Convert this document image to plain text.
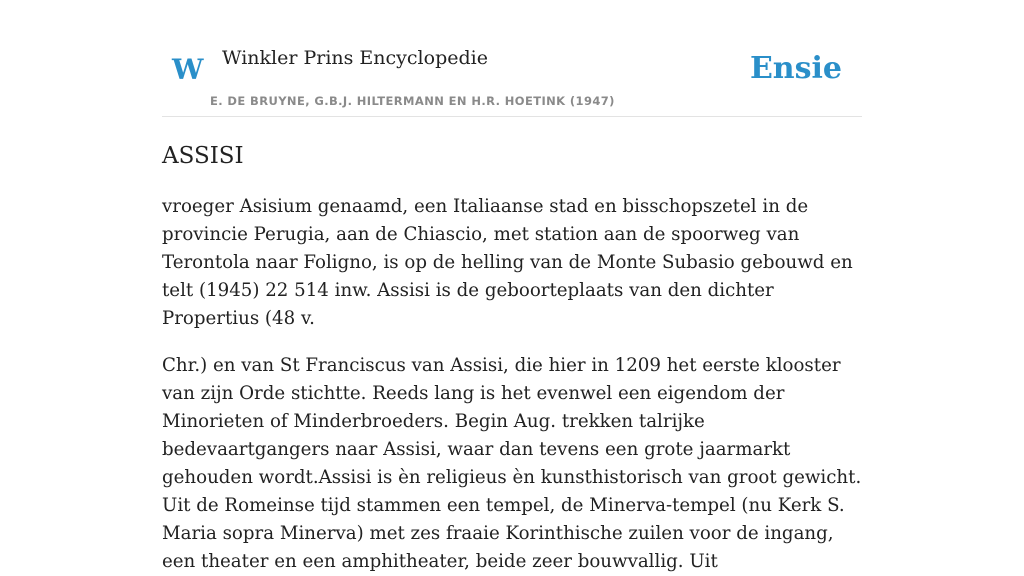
W Winkler Prins Encyclopedie
E. DE BRUYNE, G.B.J. HILTERMANN EN H.R. HOETINK (1947)
Ensie
ASSISI

vroeger Asisium genaamd, een Italiaanse stad en bisschopszetel in de provincie Perugia, aan de Chiascio, met station aan de spoorweg van Terontola naar Foligno, is op de helling van de Monte Subasio gebouwd en telt (1945) 22 514 inw. Assisi is de geboorteplaats van den dichter Propertius (48 v.

Chr.) en van St Franciscus van Assisi, die hier in 1209 het eerste klooster van zijn Orde stichtte. Reeds lang is het evenwel een eigendom der Minorieten of Minderbroeders. Begin Aug. trekken talrijke bedevaartgangers naar Assisi, waar dan tevens een grote jaarmarkt gehouden wordt.Assisi is èn religieus èn kunsthistorisch van groot gewicht. Uit de Romeinse tijd stammen een tempel, de Minerva-tempel (nu Kerk S. Maria sopra Minerva) met zes fraaie Korinthische zuilen voor de ingang, een theater en een amphitheater, beide zeer bouwvallig. Uit
